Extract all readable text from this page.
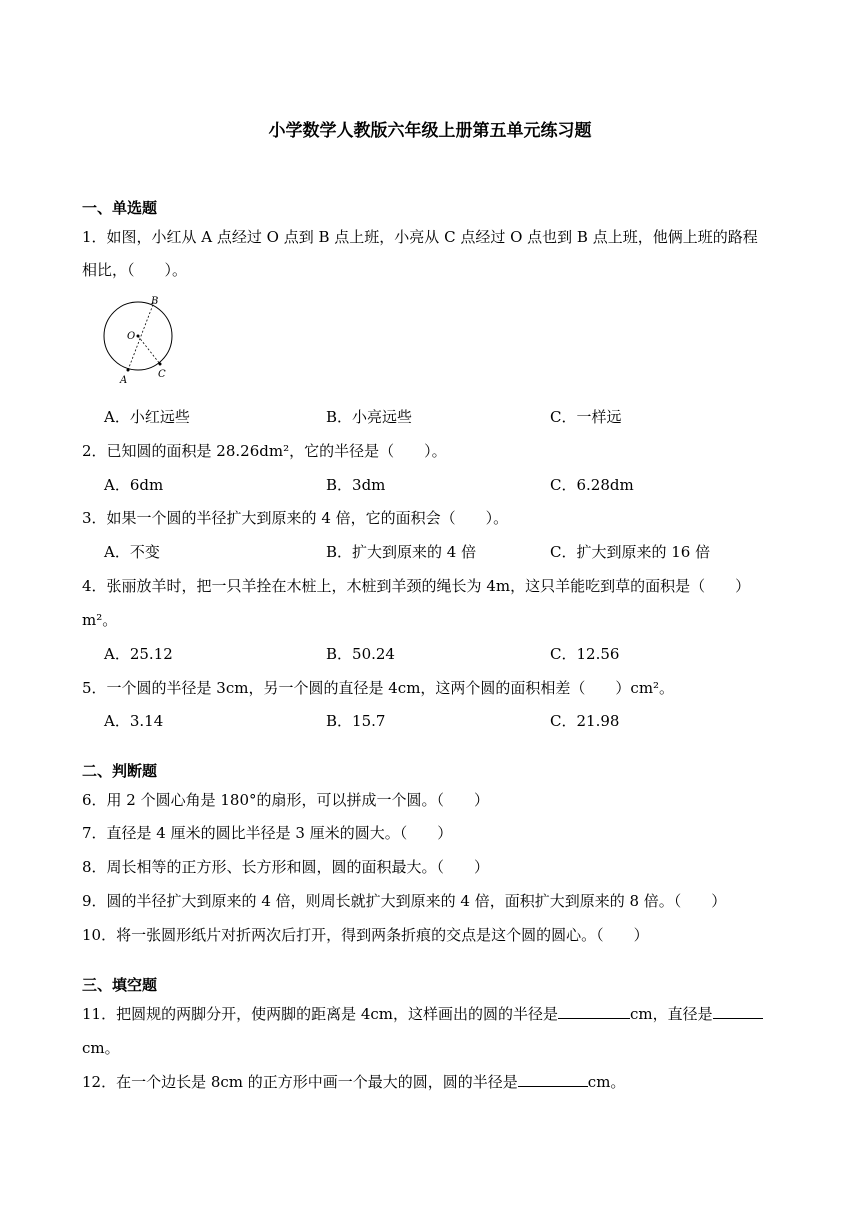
小学数学人教版六年级上册第五单元练习题
一、单选题
1．如图，小红从 A 点经过 O 点到 B 点上班，小亮从 C 点经过 O 点也到 B 点上班，他俩上班的路程
相比，（　　）。
B
O
A
C
A．小红远些	B．小亮远些	C．一样远
2．已知圆的面积是 28.26dm²，它的半径是（　　）。
A．6dm	B．3dm	C．6.28dm
3．如果一个圆的半径扩大到原来的 4 倍，它的面积会（　　）。
A．不变	B．扩大到原来的 4 倍	C．扩大到原来的 16 倍
4．张丽放羊时，把一只羊拴在木桩上，木桩到羊颈的绳长为 4m，这只羊能吃到草的面积是（　　）
m²。
A．25.12	B．50.24	C．12.56
5．一个圆的半径是 3cm，另一个圆的直径是 4cm，这两个圆的面积相差（　　）cm²。
A．3.14	B．15.7	C．21.98
二、判断题
6．用 2 个圆心角是 180°的扇形，可以拼成一个圆。（　　）
7．直径是 4 厘米的圆比半径是 3 厘米的圆大。（　　）
8．周长相等的正方形、长方形和圆，圆的面积最大。（　　）
9．圆的半径扩大到原来的 4 倍，则周长就扩大到原来的 4 倍，面积扩大到原来的 8 倍。（　　）
10．将一张圆形纸片对折两次后打开，得到两条折痕的交点是这个圆的圆心。（　　）
三、填空题
11．把圆规的两脚分开，使两脚的距离是 4cm，这样画出的圆的半径是	cm，直径是
cm。
12．在一个边长是 8cm 的正方形中画一个最大的圆，圆的半径是	cm。
